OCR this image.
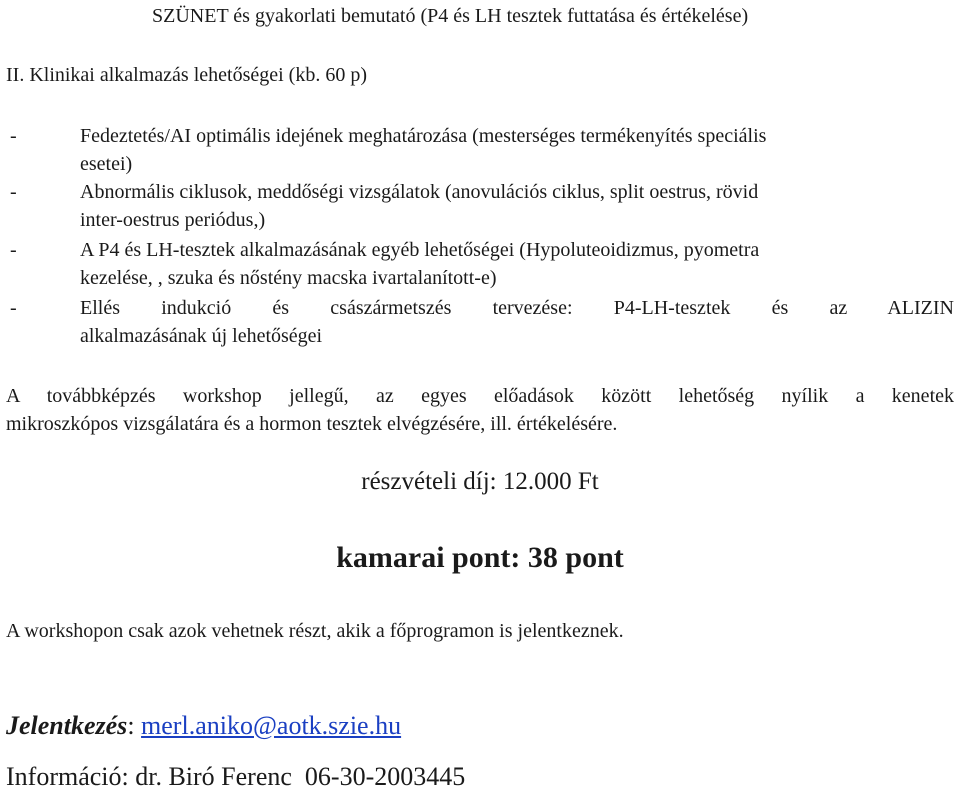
SZÜNET és gyakorlati bemutató (P4 és LH tesztek futtatása és értékelése)
II. Klinikai alkalmazás lehetőségei (kb. 60 p)
-	Fedeztetés/AI optimális idejének meghatározása (mesterséges termékenyítés speciális
esetei)
-	Abnormális ciklusok, meddőségi vizsgálatok (anovulációs ciklus, split oestrus, rövid
inter-oestrus periódus,)
-	A P4 és LH-tesztek alkalmazásának egyéb lehetőségei (Hypoluteoidizmus, pyometra
kezelése, , szuka és nőstény macska ivartalanított-e)
-	Ellés indukció és császármetszés tervezése: P4-LH-tesztek és az ALIZIN
alkalmazásának új lehetőségei
A továbbképzés workshop jellegű, az egyes előadások között lehetőség nyílik a kenetek
mikroszkópos vizsgálatára és a hormon tesztek elvégzésére, ill. értékelésére.
részvételi díj: 12.000 Ft
kamarai pont: 38 pont
A workshopon csak azok vehetnek részt, akik a főprogramon is jelentkeznek.
Jelentkezés: merl.aniko@aotk.szie.hu
Információ: dr. Biró Ferenc  06-30-2003445
